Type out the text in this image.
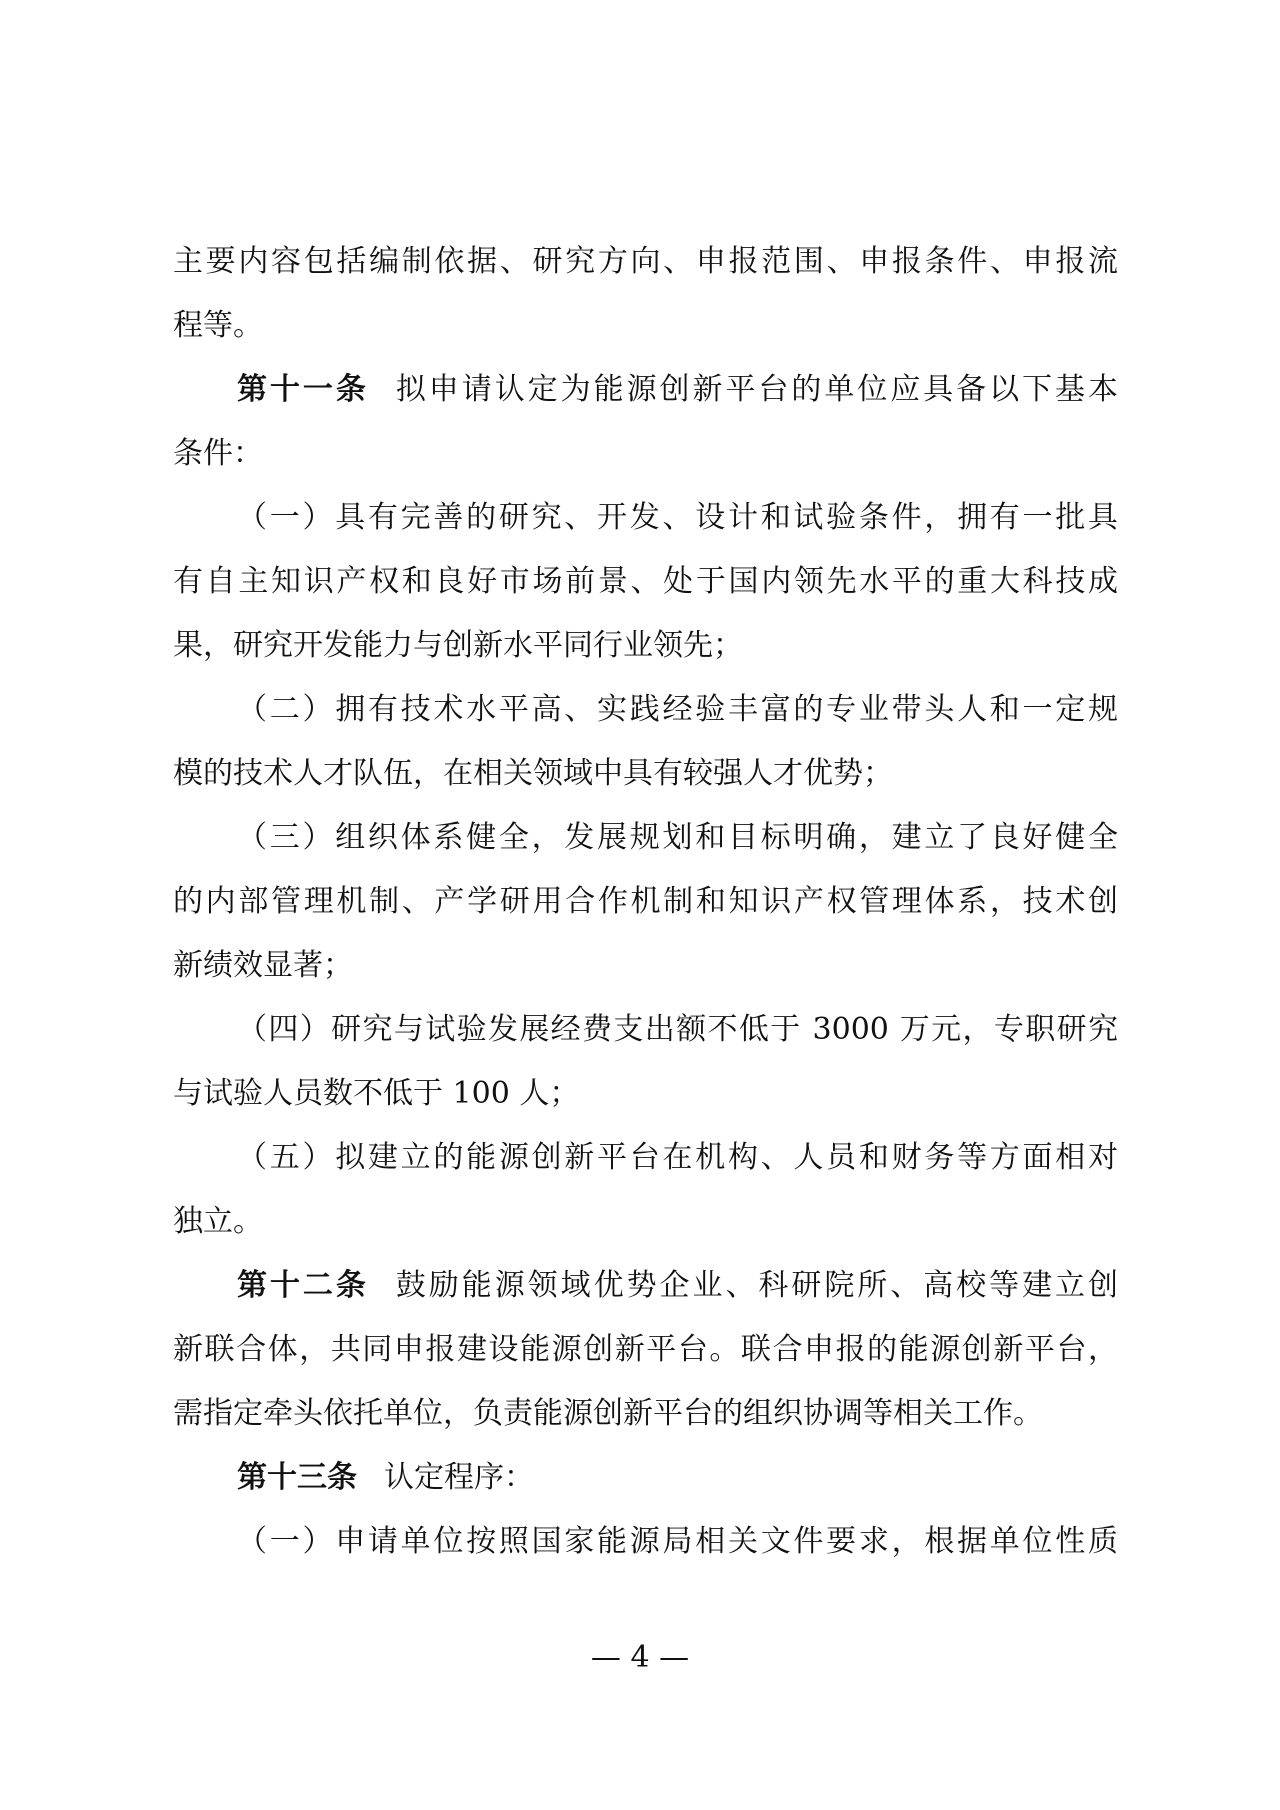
主要内容包括编制依据、研究方向、申报范围、申报条件、申报流
程等。
第十一条 拟申请认定为能源创新平台的单位应具备以下基本
条件：
（一）具有完善的研究、开发、设计和试验条件，拥有一批具
有自主知识产权和良好市场前景、处于国内领先水平的重大科技成
果，研究开发能力与创新水平同行业领先；
（二）拥有技术水平高、实践经验丰富的专业带头人和一定规
模的技术人才队伍，在相关领域中具有较强人才优势；
（三）组织体系健全，发展规划和目标明确，建立了良好健全
的内部管理机制、产学研用合作机制和知识产权管理体系，技术创
新绩效显著；
（四）研究与试验发展经费支出额不低于 3000 万元，专职研究
与试验人员数不低于 100 人；
（五）拟建立的能源创新平台在机构、人员和财务等方面相对
独立。
第十二条 鼓励能源领域优势企业、科研院所、高校等建立创
新联合体，共同申报建设能源创新平台。联合申报的能源创新平台，
需指定牵头依托单位，负责能源创新平台的组织协调等相关工作。
第十三条 认定程序：
（一）申请单位按照国家能源局相关文件要求，根据单位性质
— 4 —
